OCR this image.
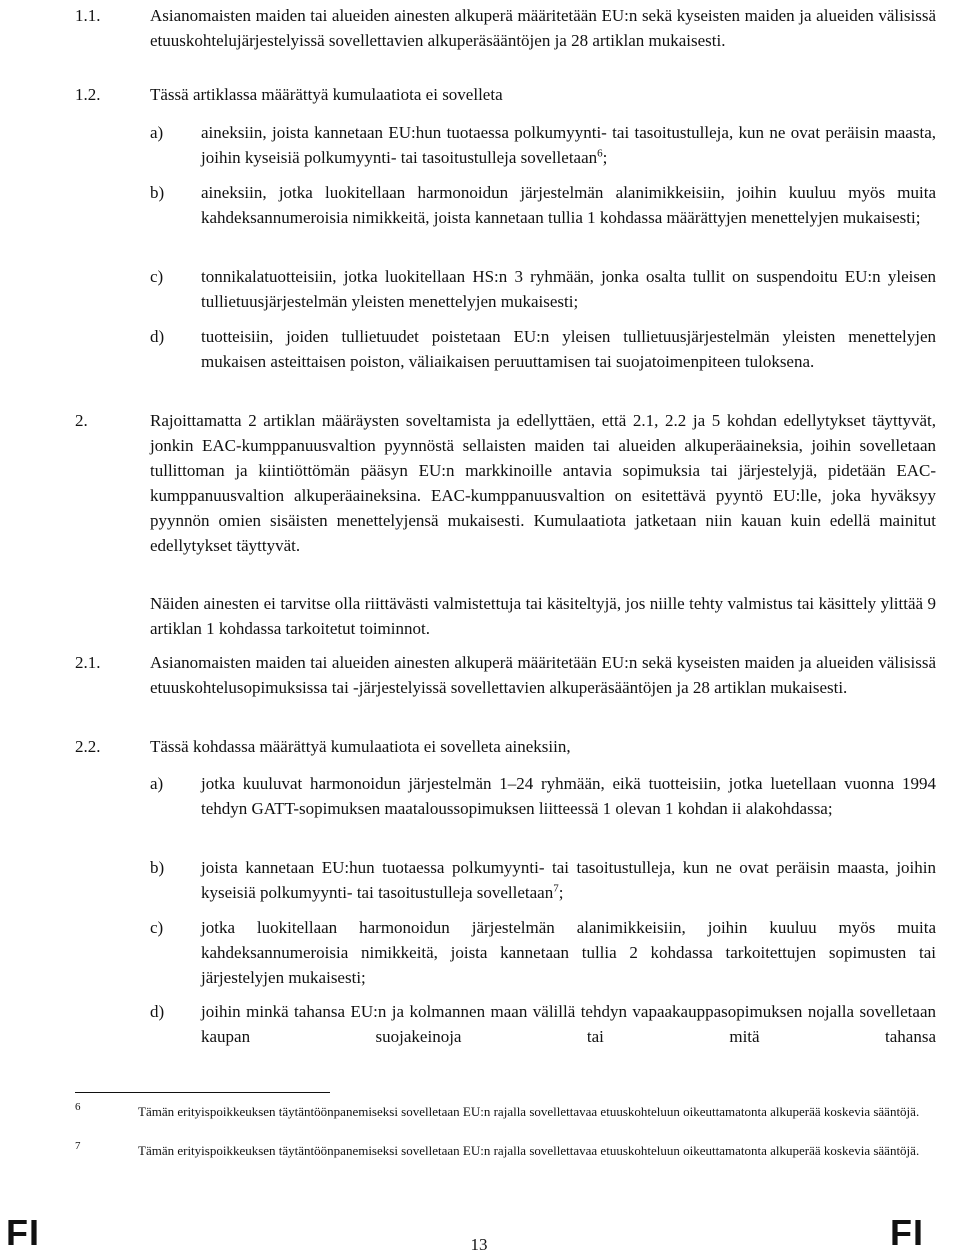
1.1.	Asianomaisten maiden tai alueiden ainesten alkuperä määritetään EU:n sekä kyseisten maiden ja alueiden välisissä etuuskohtelujärjestelyissä sovellettavien alkuperäsääntöjen ja 28 artiklan mukaisesti.
1.2.	Tässä artiklassa määrättyä kumulaatiota ei sovelleta
a) aineksiin, joista kannetaan EU:hun tuotaessa polkumyynti- tai tasoitustulleja, kun ne ovat peräisin maasta, joihin kyseisiä polkumyynti- tai tasoitustulleja sovelletaan$^6$;
b) aineksiin, jotka luokitellaan harmonoidun järjestelmän alanimikkeisiin, joihin kuuluu myös muita kahdeksannumeroisia nimikkeitä, joista kannetaan tullia 1 kohdassa määrättyjen menettelyjen mukaisesti;
c) tonnikalatuotteisiin, jotka luokitellaan HS:n 3 ryhmään, jonka osalta tullit on suspendoitu EU:n yleisen tullietuusjärjestelmän yleisten menettelyjen mukaisesti;
d) tuotteisiin, joiden tullietuudet poistetaan EU:n yleisen tullietuusjärjestelmän yleisten menettelyjen mukaisen asteittaisen poiston, väliaikaisen peruuttamisen tai suojatoimenpiteen tuloksena.
2.	Rajoittamatta 2 artiklan määräysten soveltamista ja edellyttäen, että 2.1, 2.2 ja 5 kohdan edellytykset täyttyvät, jonkin EAC-kumppanuusvaltion pyynnöstä sellaisten maiden tai alueiden alkuperäaineksia, joihin sovelletaan tullittoman ja kiintiöttömän pääsyn EU:n markkinoille antavia sopimuksia tai järjestelyjä, pidetään EAC-kumppanuusvaltion alkuperäaineksina. EAC-kumppanuusvaltion on esitettävä pyyntö EU:lle, joka hyväksyy pyynnön omien sisäisten menettelyjensä mukaisesti. Kumulaatiota jatketaan niin kauan kuin edellä mainitut edellytykset täyttyvät.
Näiden ainesten ei tarvitse olla riittävästi valmistettuja tai käsiteltyjä, jos niille tehty valmistus tai käsittely ylittää 9 artiklan 1 kohdassa tarkoitetut toiminnot.
2.1.	Asianomaisten maiden tai alueiden ainesten alkuperä määritetään EU:n sekä kyseisten maiden ja alueiden välisissä etuuskohtelusopimuksissa tai -järjestelyissä sovellettavien alkuperäsääntöjen ja 28 artiklan mukaisesti.
2.2.	Tässä kohdassa määrättyä kumulaatiota ei sovelleta aineksiin,
a) jotka kuuluvat harmonoidun järjestelmän 1–24 ryhmään, eikä tuotteisiin, jotka luetellaan vuonna 1994 tehdyn GATT-sopimuksen maataloussopimuksen liitteessä 1 olevan 1 kohdan ii alakohdassa;
b) joista kannetaan EU:hun tuotaessa polkumyynti- tai tasoitustulleja, kun ne ovat peräisin maasta, joihin kyseisiä polkumyynti- tai tasoitustulleja sovelletaan$^7$;
c) jotka luokitellaan harmonoidun järjestelmän alanimikkeisiin, joihin kuuluu myös muita kahdeksannumeroisia nimikkeitä, joista kannetaan tullia 2 kohdassa tarkoitettujen sopimusten tai järjestelyjen mukaisesti;
d) joihin minkä tahansa EU:n ja kolmannen maan välillä tehdyn vapaakauppasopimuksen nojalla sovelletaan kaupan suojakeinoja tai mitä tahansa
6	Tämän erityispoikkeuksen täytäntöönpanemiseksi sovelletaan EU:n rajalla sovellettavaa etuuskohteluun oikeuttamatonta alkuperää koskevia sääntöjä.
7	Tämän erityispoikkeuksen täytäntöönpanemiseksi sovelletaan EU:n rajalla sovellettavaa etuuskohteluun oikeuttamatonta alkuperää koskevia sääntöjä.
FI	13	FI
